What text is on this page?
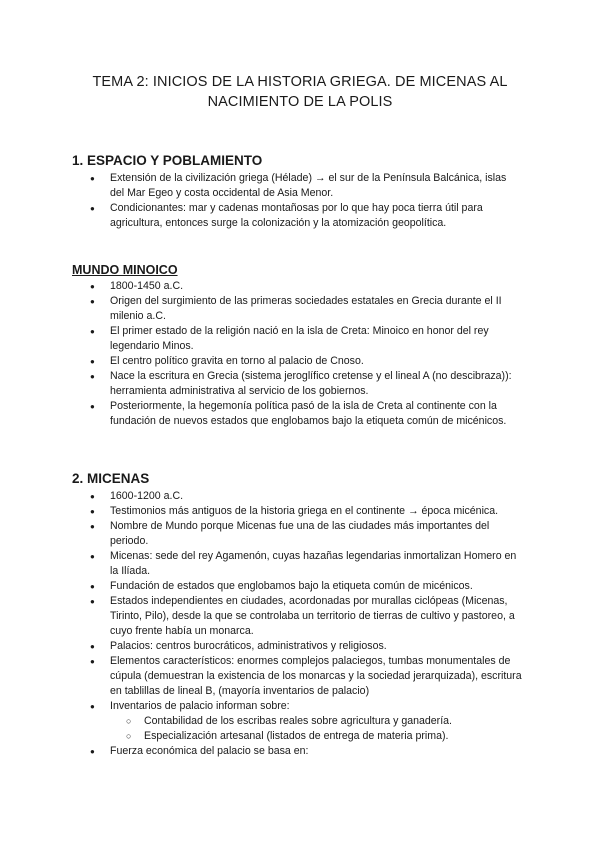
TEMA 2: INICIOS DE LA HISTORIA GRIEGA. DE MICENAS AL
NACIMIENTO DE LA POLIS
1. ESPACIO Y POBLAMIENTO
● Extensión de la civilización griega (Hélade) → el sur de la Península Balcánica, islas del Mar Egeo y costa occidental de Asia Menor.
● Condicionantes: mar y cadenas montañosas por lo que hay poca tierra útil para agricultura, entonces surge la colonización y la atomización geopolítica.
MUNDO MINOICO
● 1800-1450 a.C.
● Origen del surgimiento de las primeras sociedades estatales en Grecia durante el II milenio a.C.
● El primer estado de la religión nació en la isla de Creta: Minoico en honor del rey legendario Minos.
● El centro político gravita en torno al palacio de Cnoso.
● Nace la escritura en Grecia (sistema jeroglífico cretense y el lineal A (no descibraza)): herramienta administrativa al servicio de los gobiernos.
● Posteriormente, la hegemonía política pasó de la isla de Creta al continente con la fundación de nuevos estados que englobamos bajo la etiqueta común de micénicos.
2. MICENAS
● 1600-1200 a.C.
● Testimonios más antiguos de la historia griega en el continente → época micénica.
● Nombre de Mundo porque Micenas fue una de las ciudades más importantes del periodo.
● Micenas: sede del rey Agamenón, cuyas hazañas legendarias inmortalizan Homero en la Ilíada.
● Fundación de estados que englobamos bajo la etiqueta común de micénicos.
● Estados independientes en ciudades, acordonadas por murallas ciclópeas (Micenas, Tirinto, Pilo), desde la que se controlaba un territorio de tierras de cultivo y pastoreo, a cuyo frente había un monarca.
● Palacios: centros burocráticos, administrativos y religiosos.
● Elementos característicos: enormes complejos palaciegos, tumbas monumentales de cúpula (demuestran la existencia de los monarcas y la sociedad jerarquizada), escritura en tablillas de lineal B, (mayoría inventarios de palacio)
● Inventarios de palacio informan sobre:
○ Contabilidad de los escribas reales sobre agricultura y ganadería.
○ Especialización artesanal (listados de entrega de materia prima).
● Fuerza económica del palacio se basa en:
